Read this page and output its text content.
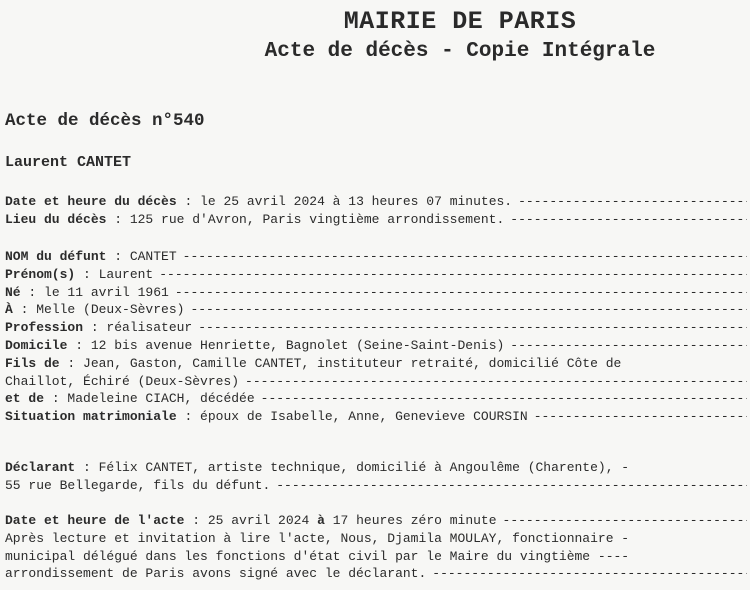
MAIRIE DE PARIS
Acte de décès - Copie Intégrale
Acte de décès n°540
Laurent CANTET
Date et heure du décès : le 25 avril 2024 à 13 heures 07 minutes.
-----
Lieu du décès : 125 rue d'Avron, Paris vingtième arrondissement.
-----
NOM du défunt : CANTET
-----
Prénom(s) : Laurent
-----
Né : le 11 avril 1961
-----
À : Melle (Deux-Sèvres)
-----
Profession : réalisateur
-----
Domicile : 12 bis avenue Henriette, Bagnolet (Seine-Saint-Denis)
-----
Fils de : Jean, Gaston, Camille CANTET, instituteur retraité, domicilié Côte de
Chaillot, Échiré (Deux-Sèvres)
-----
et de : Madeleine CIACH, décédée
-----
Situation matrimoniale : époux de Isabelle, Anne, Genevieve COURSIN
-----
Déclarant : Félix CANTET, artiste technique, domicilié à Angoulême (Charente), -
55 rue Bellegarde, fils du défunt.
-----
Date et heure de l'acte : 25 avril 2024
à
17 heures zéro minute
-----
Après lecture et invitation à lire l'acte, Nous, Djamila MOULAY, fonctionnaire -
municipal délégué dans les fonctions d'état civil par le Maire du vingtième ----
arrondissement de Paris avons signé avec le déclarant.
-----
